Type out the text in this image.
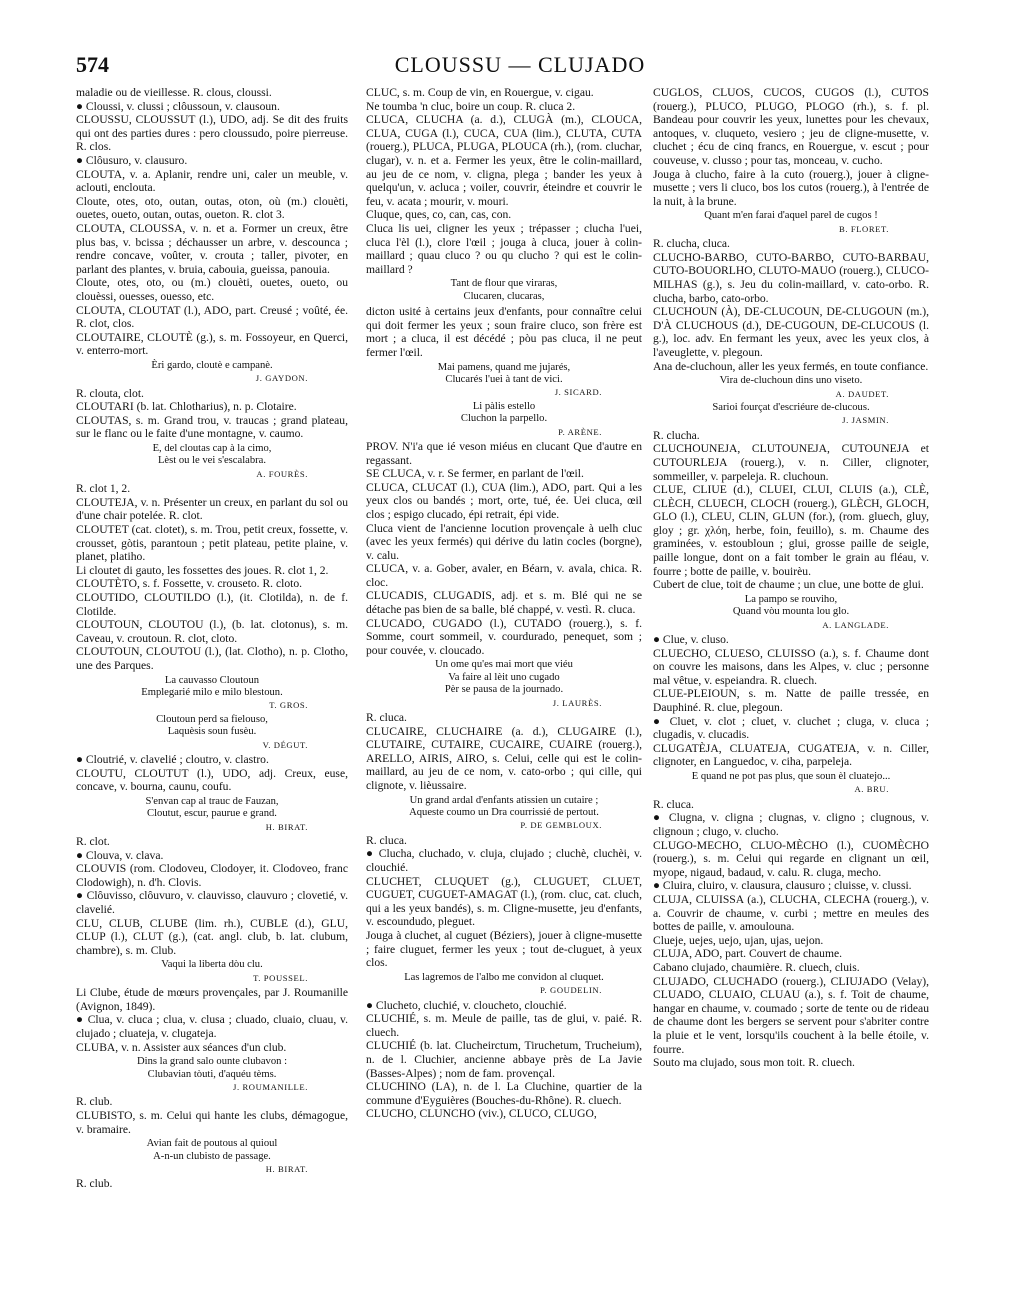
574	CLOUSSU — CLUJADO

maladie ou de vieillesse. R. clous, cloussi.

● Cloussi, v. clussi ; clôussoun, v. clausoun.

CLOUSSU, CLOUSSUT (l.), UDO, adj. Se dit des fruits qui ont des parties dures : pero cloussudo, poire pierreuse. R. clos.

● Clôusuro, v. clausuro.

CLOUTA, v. a. Aplanir, rendre uni, caler un meuble, v. aclouti, enclouta.

Cloute, otes, oto, outan, outas, oton, où (m.) clouèti, ouetes, oueto, outan, outas, oueton. R. clot 3.

CLOUTA, CLOUSSA, v. n. et a. Former un creux, être plus bas, v. bcissa ; déchausser un arbre, v. descounca ; rendre concave, voûter, v. crouta ; taller, pivoter, en parlant des plantes, v. bruia, cabouia, gueissa, panouia.

Cloute, otes, oto, ou (m.) clouèti, ouetes, oueto, ou clouèssi, ouesses, ouesso, etc.

CLOUTA, CLOUTAT (l.), ADO, part. Creusé ; voûté, ée. R. clot, clos.

CLOUTAIRE, CLOUTÈ (g.), s. m. Fossoyeur, en Querci, v. enterro-mort.

Èri gardo, cloutè e campanè.
J. GAYDON.

R. clouta, clot.

CLOUTARI (b. lat. Chlotharius), n. p. Clotaire.

CLOUTAS, s. m. Grand trou, v. traucas ; grand plateau, sur le flanc ou le faite d'une montagne, v. caumo.

E, del cloutas cap à la cimo,
Lèst ou le vei s'escalabra.
A. FOURÈS.

R. clot 1, 2.

CLOUTEJA, v. n. Présenter un creux, en parlant du sol ou d'une chair potelée. R. clot.

CLOUTET (cat. clotet), s. m. Trou, petit creux, fossette, v. crousset, gòtis, parantoun ; petit plateau, petite plaine, v. planet, platiho.

Li cloutet di gauto, les fossettes des joues. R. clot 1, 2.

CLOUTÈTO, s. f. Fossette, v. crouseto. R. cloto.

CLOUTIDO, CLOUTILDO (l.), (it. Clotilda), n. de f. Clotilde.

CLOUTOUN, CLOUTOU (l.), (b. lat. clotonus), s. m. Caveau, v. croutoun. R. clot, cloto.

CLOUTOUN, CLOUTOU (l.), (lat. Clotho), n. p. Clotho, une des Parques.

La cauvasso Cloutoun
Emplegarié milo e milo blestoun.
T. GROS.
Cloutoun perd sa fielouso,
Laquèsis soun fusèu.
V. DÉGUT.

● Cloutrié, v. clavelié ; cloutro, v. clastro.

CLOUTU, CLOUTUT (l.), UDO, adj. Creux, euse, concave, v. bourna, caunu, coufu.

S'envan cap al trauc de Fauzan,
Cloutut, escur, paurue e grand.
H. BIRAT.

R. clot.

● Clouva, v. clava.

CLOUVIS (rom. Clodoveu, Clodoyer, it. Clodoveo, franc Clodowigh), n. d'h. Clovis.

● Clôuvisso, clôuvuro, v. clauvisso, clauvuro ; clovetié, v. clavelié.

CLU, CLUB, CLUBE (lim. rh.), CUBLE (d.), GLU, CLUP (l.), CLUT (g.), (cat. angl. club, b. lat. clubum, chambre), s. m. Club.

Vaqui la liberta dòu clu.
T. POUSSEL.

Li Clube, étude de mœurs provençales, par J. Roumanille (Avignon, 1849).

● Clua, v. cluca ; clua, v. clusa ; cluado, cluaio, cluau, v. clujado ; cluateja, v. clugateja.

CLUBA, v. n. Assister aux séances d'un club.

Dins la grand salo ounte clubavon :
Clubavian tòuti, d'aquéu tèms.
J. ROUMANILLE.

R. club.

CLUBISTO, s. m. Celui qui hante les clubs, démagogue, v. bramaire.

Avian fait de poutous al quioul
A-n-un clubisto de passage.
H. BIRAT.

R. club.

CLUC, s. m. Coup de vin, en Rouergue, v. cigau.

Ne toumba 'n cluc, boire un coup. R. cluca 2.

CLUCA, CLUCHA (a. d.), CLUGÀ (m.), CLOUCA, CLUA, CUGA (l.), CUCA, CUA (lim.), CLUTA, CUTA (rouerg.), PLUCA, PLUGA, PLOUCA (rh.), (rom. cluchar, clugar), v. n. et a. Fermer les yeux, être le colin-maillard, au jeu de ce nom, v. cligna, plega ; bander les yeux à quelqu'un, v. acluca ; voiler, couvrir, éteindre et couvrir le feu, v. acata ; mourir, v. mouri.

Cluque, ques, co, can, cas, con.

Cluca lis uei, cligner les yeux ; trépasser ; clucha l'uei, cluca l'èl (l.), clore l'œil ; jouga à cluca, jouer à colin-maillard ; quau cluco ? ou qu clucho ? qui est le colin-maillard ?

Tant de flour que viraras,
Clucaren, clucaras,

dicton usité à certains jeux d'enfants, pour connaître celui qui doit fermer les yeux ; soun fraire cluco, son frère est mort ; a cluca, il est décédé ; pòu pas cluca, il ne peut fermer l'œil.

Mai pamens, quand me jujarés,
Clucarés l'uei à tant de vici.
J. SICARD.
Li pàlis estello
Cluchon la parpello.
P. ARÈNE.

PROV. N'i'a que ié veson miéus en clucant Que d'autre en regassant.

SE CLUCA, v. r. Se fermer, en parlant de l'œil.

CLUCA, CLUCAT (l.), CUA (lim.), ADO, part. Qui a les yeux clos ou bandés ; mort, orte, tué, ée. Uei cluca, œil clos ; espigo clucado, épi retrait, épi vide.

Cluca vient de l'ancienne locution provençale à uelh cluc (avec les yeux fermés) qui dérive du latin cocles (borgne), v. calu.

CLUCA, v. a. Gober, avaler, en Béarn, v. avala, chica. R. cloc.

CLUCADIS, CLUGADIS, adj. et s. m. Blé qui ne se détache pas bien de sa balle, blé chappé, v. vestì. R. cluca.

CLUCADO, CUGADO (l.), CUTADO (rouerg.), s. f. Somme, court sommeil, v. courdurado, penequet, som ; pour couvée, v. cloucado.

Un ome qu'es mai mort que viéu
Va faire al lèit uno cugado
Pèr se pausa de la journado.
J. LAURÈS.

R. cluca.

CLUCAIRE, CLUCHAIRE (a. d.), CLUGAIRE (l.), CLUTAIRE, CUTAIRE, CUCAIRE, CUAIRE (rouerg.), ARELLO, AIRIS, AIRO, s. Celui, celle qui est le colin-maillard, au jeu de ce nom, v. cato-orbo ; qui cille, qui clignote, v. lièussaire.

Un grand ardal d'enfants atissien un cutaire ;
Aqueste coumo un Dra courrissié de pertout.
P. DE GEMBLOUX.

R. cluca.

● Clucha, cluchado, v. cluja, clujado ; cluchè, cluchèi, v. clouchié.

CLUCHET, CLUQUET (g.), CLUGUET, CLUET, CUGUET, CUGUET-AMAGAT (l.), (rom. cluc, cat. cluch, qui a les yeux bandés), s. m. Cligne-musette, jeu d'enfants, v. escoundudo, pleguet.

Jouga à cluchet, al cuguet (Béziers), jouer à cligne-musette ; faire cluguet, fermer les yeux ; tout de-cluguet, à yeux clos.

Las lagremos de l'albo me convidon al cluquet.
P. GOUDELIN.

● Clucheto, cluchié, v. cloucheto, clouchié.

CLUCHIÉ, s. m. Meule de paille, tas de glui, v. paié. R. cluech.

CLUCHIÉ (b. lat. Clucheirctum, Tiruchetum, Trucheium), n. de l. Cluchier, ancienne abbaye près de La Javie (Basses-Alpes) ; nom de fam. provençal.

CLUCHINO (LA), n. de l. La Cluchine, quartier de la commune d'Eyguières (Bouches-du-Rhône). R. cluech.

CLUCHO, CLUNCHO (viv.), CLUCO, CLUGO,

CUGLOS, CLUOS, CUCOS, CUGOS (l.), CUTOS (rouerg.), PLUCO, PLUGO, PLOGO (rh.), s. f. pl. Bandeau pour couvrir les yeux, lunettes pour les chevaux, antoques, v. cluqueto, vesiero ; jeu de cligne-musette, v. cluchet ; écu de cinq francs, en Rouergue, v. escut ; pour couveuse, v. clusso ; pour tas, monceau, v. cucho.

Jouga à clucho, faire à la cuto (rouerg.), jouer à cligne-musette ; vers li cluco, bos los cutos (rouerg.), à l'entrée de la nuit, à la brune.

Quant m'en farai d'aquel parel de cugos !
B. FLORET.

R. clucha, cluca.

CLUCHO-BARBO, CUTO-BARBO, CUTO-BARBAU, CUTO-BOUORLHO, CLUTO-MAUO (rouerg.), CLUCO-MILHAS (g.), s. Jeu du colin-maillard, v. cato-orbo. R. clucha, barbo, cato-orbo.

CLUCHOUN (À), DE-CLUCOUN, DE-CLUGOUN (m.), D'À CLUCHOUS (d.), DE-CUGOUN, DE-CLUCOUS (l. g.), loc. adv. En fermant les yeux, avec les yeux clos, à l'aveuglette, v. plegoun.

Ana de-cluchoun, aller les yeux fermés, en toute confiance.

Vira de-cluchoun dins uno viseto.
A. DAUDET.
Sarioi fourçat d'escriéure de-clucous.
J. JASMIN.

R. clucha.

CLUCHOUNEJA, CLUTOUNEJA, CUTOUNEJA et CUTOURLEJA (rouerg.), v. n. Ciller, clignoter, sommeiller, v. parpeleja. R. cluchoun.

CLUE, CLIUE (d.), CLUEI, CLUI, CLUIS (a.), CLÈ, CLÈCH, CLUECH, CLOCH (rouerg.), GLÈCH, GLOCH, GLO (l.), CLEU, CLIN, GLUN (for.), (rom. gluech, gluy, gloy ; gr. χλόη, herbe, foin, feuillo), s. m. Chaume des graminées, v. estoubloun ; glui, grosse paille de seigle, paille longue, dont on a fait tomber le grain au fléau, v. fourre ; botte de paille, v. bouirèu.

Cubert de clue, toit de chaume ; un clue, une botte de glui.

La pampo se rouviho,
Quand vòu mounta lou glo.
A. LANGLADE.

● Clue, v. cluso.

CLUECHO, CLUESO, CLUISSO (a.), s. f. Chaume dont on couvre les maisons, dans les Alpes, v. cluc ; personne mal vêtue, v. espeiandra. R. cluech.

CLUE-PLEIOUN, s. m. Natte de paille tressée, en Dauphiné. R. clue, plegoun.

● Cluet, v. clot ; cluet, v. cluchet ; cluga, v. cluca ; clugadis, v. clucadis.

CLUGATÈJA, CLUATEJA, CUGATEJA, v. n. Ciller, clignoter, en Languedoc, v. ciha, parpeleja.

E quand ne pot pas plus, que soun èl cluatejo...
A. BRU.

R. cluca.

● Clugna, v. cligna ; clugnas, v. cligno ; clugnous, v. clignoun ; clugo, v. clucho.

CLUGO-MECHO, CLUO-MÈCHO (l.), CUOMÈCHO (rouerg.), s. m. Celui qui regarde en clignant un œil, myope, nigaud, badaud, v. calu. R. cluga, mecho.

● Cluira, cluiro, v. clausura, clausuro ; cluisse, v. clussi.

CLUJA, CLUISSA (a.), CLUCHA, CLECHA (rouerg.), v. a. Couvrir de chaume, v. curbi ; mettre en meules des bottes de paille, v. amoulouna.

Clueje, uejes, uejo, ujan, ujas, uejon.

CLUJA, ADO, part. Couvert de chaume.

Cabano clujado, chaumière. R. cluech, cluis.

CLUJADO, CLUCHADO (rouerg.), CLIUJADO (Velay), CLUADO, CLUAIO, CLUAU (a.), s. f. Toit de chaume, hangar en chaume, v. coumado ; sorte de tente ou de rideau de chaume dont les bergers se servent pour s'abriter contre la pluie et le vent, lorsqu'ils couchent à la belle étoile, v. fourre.

Souto ma clujado, sous mon toit. R. cluech.
